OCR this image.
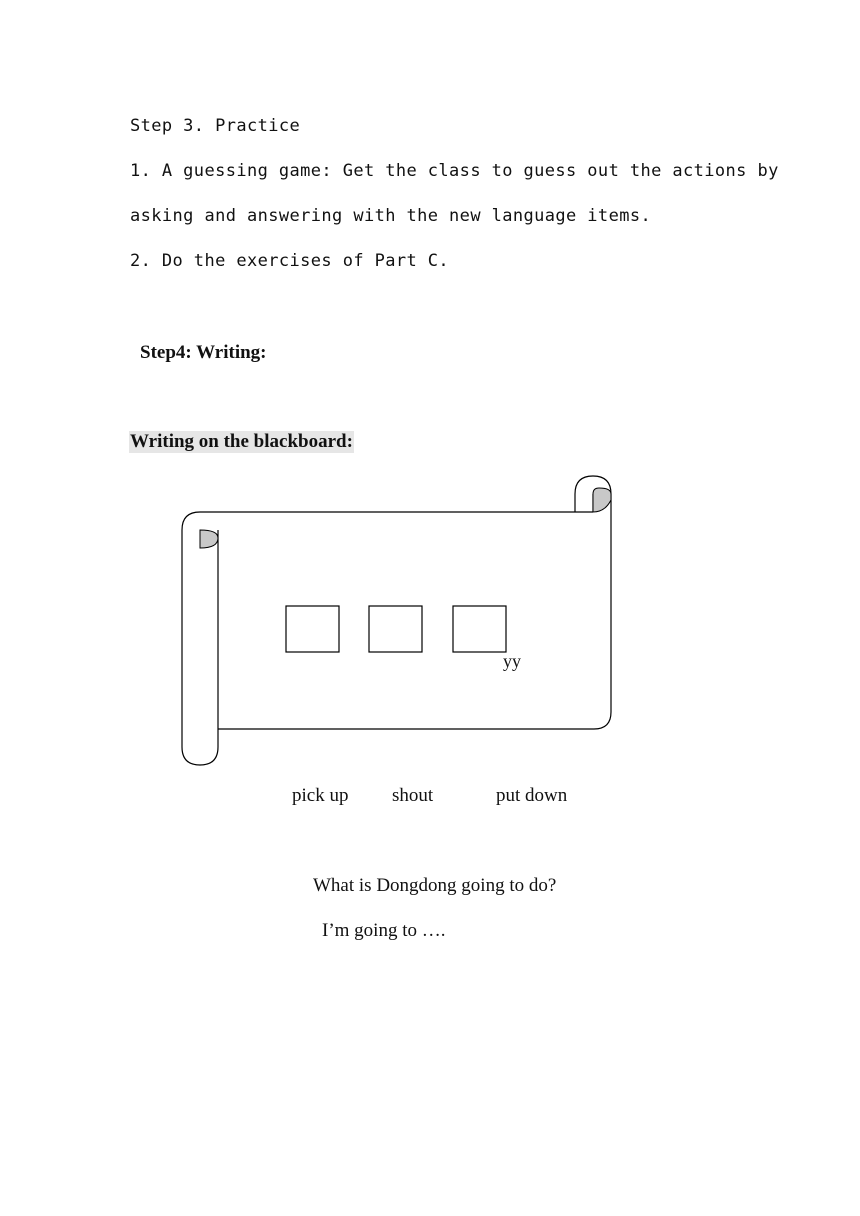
Step 3. Practice

1. A guessing game: Get the class to guess out the actions by

asking and answering with the new language items.

2. Do the exercises of Part C.

Step4: Writing:

Writing on the blackboard:

yy

pick up shout	put down

What is Dongdong going to do?

I’m going to ….
